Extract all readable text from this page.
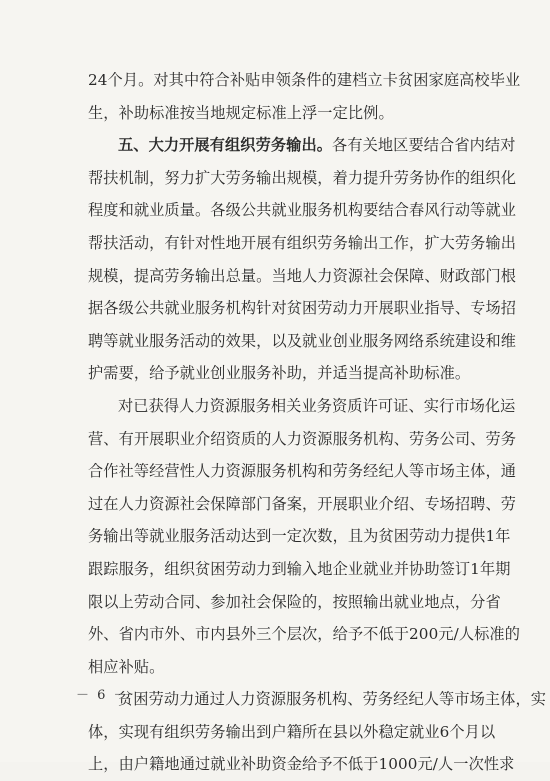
24个月。对其中符合补贴申领条件的建档立卡贫困家庭高校毕业
生，补助标准按当地规定标准上浮一定比例。
五、大力开展有组织劳务输出。各有关地区要结合省内结对
帮扶机制，努力扩大劳务输出规模，着力提升劳务协作的组织化
程度和就业质量。各级公共就业服务机构要结合春风行动等就业
帮扶活动，有针对性地开展有组织劳务输出工作，扩大劳务输出
规模，提高劳务输出总量。当地人力资源社会保障、财政部门根
据各级公共就业服务机构针对贫困劳动力开展职业指导、专场招
聘等就业服务活动的效果，以及就业创业服务网络系统建设和维
护需要，给予就业创业服务补助，并适当提高补助标准。
对已获得人力资源服务相关业务资质许可证、实行市场化运
营、有开展职业介绍资质的人力资源服务机构、劳务公司、劳务
合作社等经营性人力资源服务机构和劳务经纪人等市场主体，通
过在人力资源社会保障部门备案，开展职业介绍、专场招聘、劳
务输出等就业服务活动达到一定次数，且为贫困劳动力提供1年
跟踪服务，组织贫困劳动力到输入地企业就业并协助签订1年期
限以上劳动合同、参加社会保险的，按照输出就业地点，分省
外、省内市外、市内县外三个层次，给予不低于200元/人标准的
相应补贴。
贫困劳动力通过人力资源服务机构、劳务经纪人等市场主体，实
体，实现有组织劳务输出到户籍所在县以外稳定就业6个月以
上，由户籍地通过就业补助资金给予不低于1000元/人一次性求
－ 6 －
